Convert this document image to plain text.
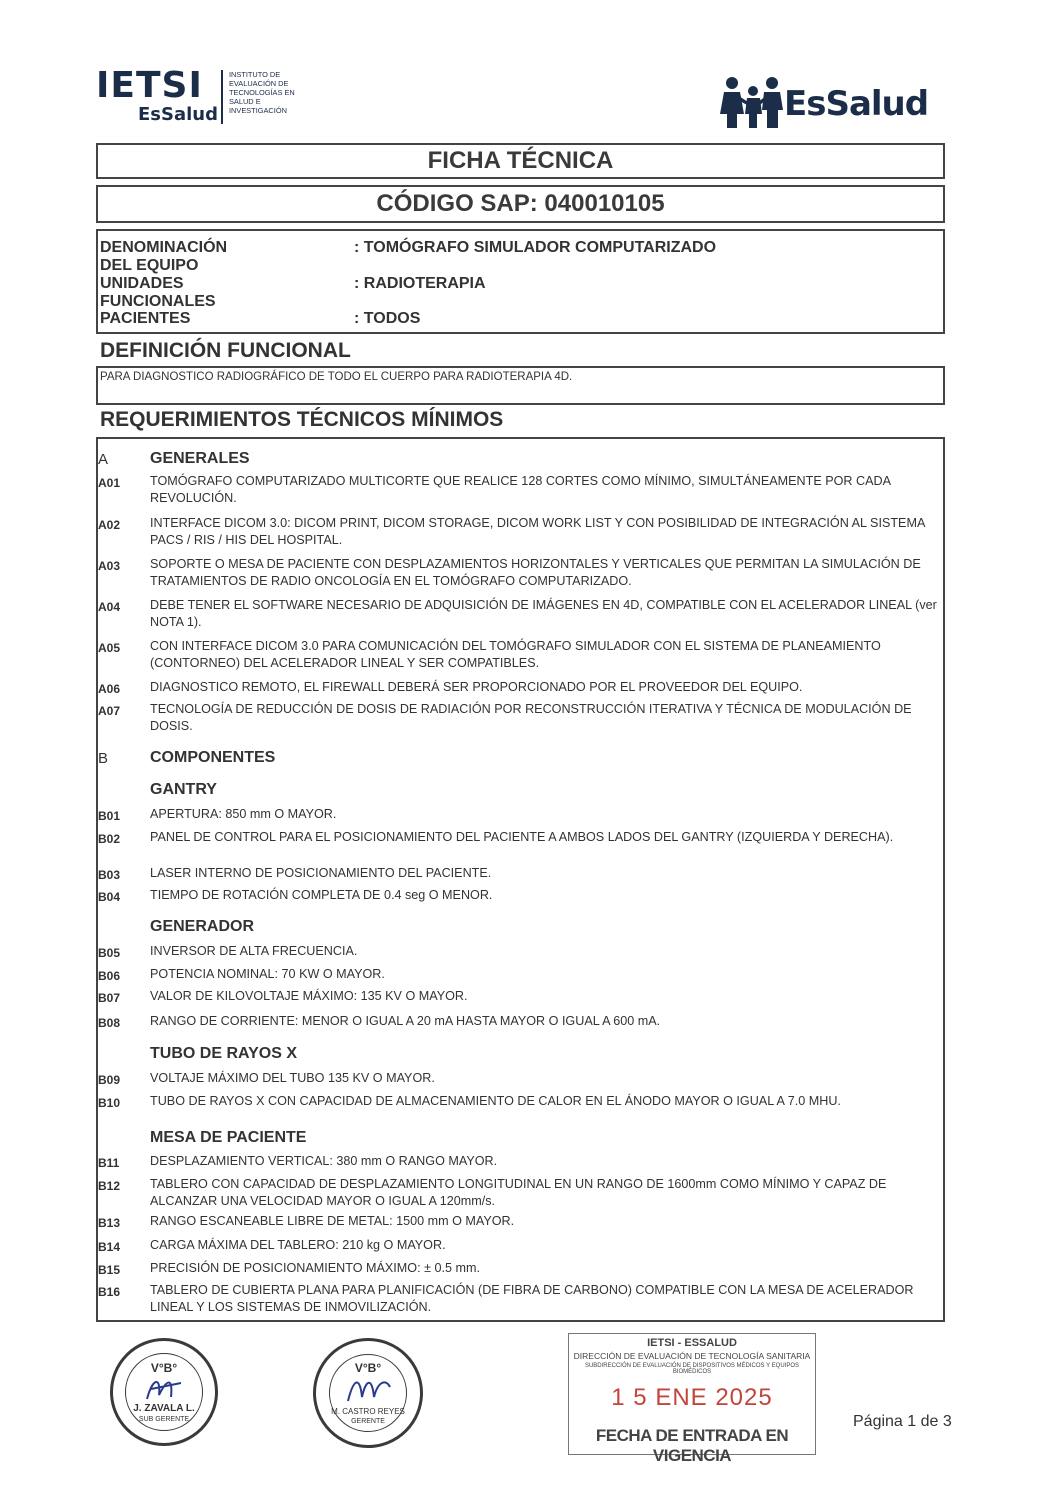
IETSI
EsSalud
INSTITUTO DE EVALUACIÓN DE TECNOLOGÍAS EN SALUD E INVESTIGACIÓN	EsSalud
FICHA TÉCNICA
CÓDIGO SAP: 040010105
DENOMINACIÓN DEL EQUIPO
: TOMÓGRAFO SIMULADOR COMPUTARIZADO
UNIDADES FUNCIONALES
: RADIOTERAPIA
PACIENTES	: TODOS
DEFINICIÓN FUNCIONAL
PARA DIAGNOSTICO RADIOGRÁFICO DE TODO EL CUERPO PARA RADIOTERAPIA 4D.
REQUERIMIENTOS TÉCNICOS MÍNIMOS
A	GENERALES
A01 TOMÓGRAFO COMPUTARIZADO MULTICORTE QUE REALICE 128 CORTES COMO MÍNIMO, SIMULTÁNEAMENTE POR CADA REVOLUCIÓN.
A02 INTERFACE DICOM 3.0: DICOM PRINT, DICOM STORAGE, DICOM WORK LIST Y CON POSIBILIDAD DE INTEGRACIÓN AL SISTEMA PACS / RIS / HIS DEL HOSPITAL.
A03 SOPORTE O MESA DE PACIENTE CON DESPLAZAMIENTOS HORIZONTALES Y VERTICALES QUE PERMITAN LA SIMULACIÓN DE TRATAMIENTOS DE RADIO ONCOLOGÍA EN EL TOMÓGRAFO COMPUTARIZADO.
A04 DEBE TENER EL SOFTWARE NECESARIO DE ADQUISICIÓN DE IMÁGENES EN 4D, COMPATIBLE CON EL ACELERADOR LINEAL (ver NOTA 1).
A05 CON INTERFACE DICOM 3.0 PARA COMUNICACIÓN DEL TOMÓGRAFO SIMULADOR CON EL SISTEMA DE PLANEAMIENTO (CONTORNEO) DEL ACELERADOR LINEAL Y SER COMPATIBLES.
A06 DIAGNOSTICO REMOTO, EL FIREWALL DEBERÁ SER PROPORCIONADO POR EL PROVEEDOR DEL EQUIPO.
A07 TECNOLOGÍA DE REDUCCIÓN DE DOSIS DE RADIACIÓN POR RECONSTRUCCIÓN ITERATIVA Y TÉCNICA DE MODULACIÓN DE DOSIS.
B	COMPONENTES
GANTRY
B01 APERTURA: 850 mm O MAYOR.
B02 PANEL DE CONTROL PARA EL POSICIONAMIENTO DEL PACIENTE A AMBOS LADOS DEL GANTRY (IZQUIERDA Y DERECHA).
B03 LASER INTERNO DE POSICIONAMIENTO DEL PACIENTE.
B04 TIEMPO DE ROTACIÓN COMPLETA DE 0.4 seg O MENOR.
GENERADOR
B05 INVERSOR DE ALTA FRECUENCIA.
B06 POTENCIA NOMINAL: 70 KW O MAYOR.
B07 VALOR DE KILOVOLTAJE MÁXIMO: 135 KV O MAYOR.
B08 RANGO DE CORRIENTE: MENOR O IGUAL A 20 mA HASTA MAYOR O IGUAL A 600 mA.
TUBO DE RAYOS X
B09 VOLTAJE MÁXIMO DEL TUBO 135 KV O MAYOR.
B10 TUBO DE RAYOS X CON CAPACIDAD DE ALMACENAMIENTO DE CALOR EN EL ÁNODO MAYOR O IGUAL A 7.0 MHU.
MESA DE PACIENTE
B11 DESPLAZAMIENTO VERTICAL: 380 mm O RANGO MAYOR.
B12 TABLERO CON CAPACIDAD DE DESPLAZAMIENTO LONGITUDINAL EN UN RANGO DE 1600mm COMO MÍNIMO Y CAPAZ DE ALCANZAR UNA VELOCIDAD MAYOR O IGUAL A 120mm/s.
B13 RANGO ESCANEABLE LIBRE DE METAL: 1500 mm O MAYOR.
B14 CARGA MÁXIMA DEL TABLERO: 210 kg O MAYOR.
B15 PRECISIÓN DE POSICIONAMIENTO MÁXIMO: ± 0.5 mm.
B16 TABLERO DE CUBIERTA PLANA PARA PLANIFICACIÓN (DE FIBRA DE CARBONO) COMPATIBLE CON LA MESA DE ACELERADOR LINEAL Y LOS SISTEMAS DE INMOVILIZACIÓN.
V°B°
J. ZAVALA L.
SUB GERENTE
V°B°
M. CASTRO REYES
GERENTE
IETSI - ESSALUD
DIRECCIÓN DE EVALUACIÓN DE TECNOLOGÍA SANITARIA
SUBDIRECCIÓN DE EVALUACIÓN DE DISPOSITIVOS MÉDICOS Y EQUIPOS BIOMÉDICOS
1 5 ENE 2025
FECHA DE ENTRADA EN VIGENCIA
Página 1 de 3
